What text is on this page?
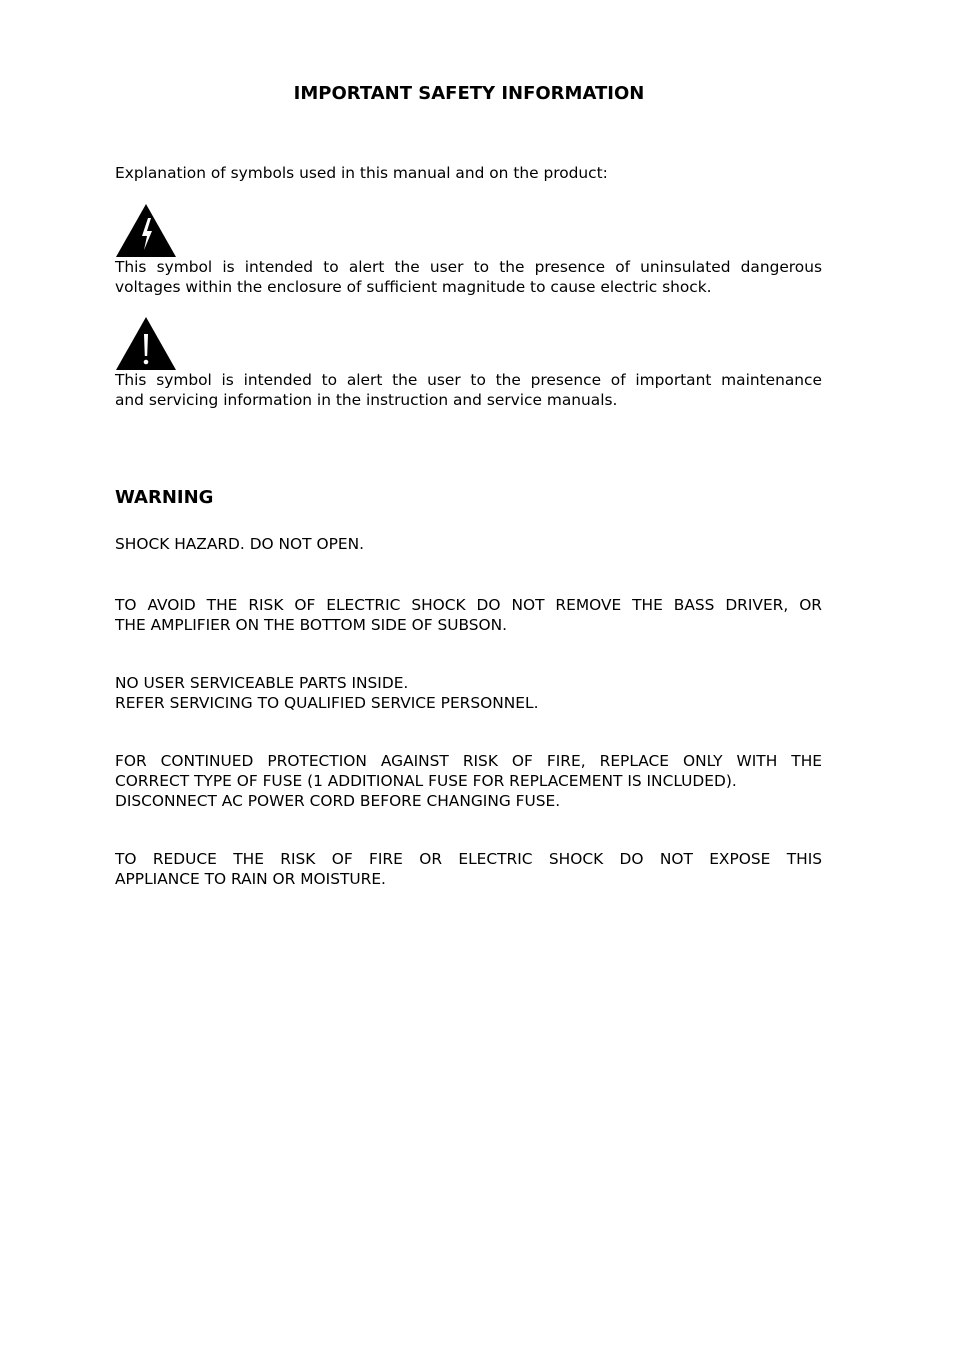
IMPORTANT SAFETY INFORMATION
Explanation of symbols used in this manual and on the product:
This symbol is intended to alert the user to the presence of uninsulated dangerous
voltages within the enclosure of sufficient magnitude to cause electric shock.
This symbol is intended to alert the user to the presence of important maintenance
and servicing information in the instruction and service manuals.
WARNING
SHOCK HAZARD. DO NOT OPEN.
TO AVOID THE RISK OF ELECTRIC SHOCK DO NOT REMOVE THE BASS DRIVER, OR
THE AMPLIFIER ON THE BOTTOM SIDE OF SUBSON.
NO USER SERVICEABLE PARTS INSIDE.
REFER SERVICING TO QUALIFIED SERVICE PERSONNEL.
FOR CONTINUED PROTECTION AGAINST RISK OF FIRE, REPLACE ONLY WITH THE
CORRECT TYPE OF FUSE (1 ADDITIONAL FUSE FOR REPLACEMENT IS INCLUDED).
DISCONNECT AC POWER CORD BEFORE CHANGING FUSE.
TO REDUCE THE RISK OF FIRE OR ELECTRIC SHOCK DO NOT EXPOSE THIS
APPLIANCE TO RAIN OR MOISTURE.
